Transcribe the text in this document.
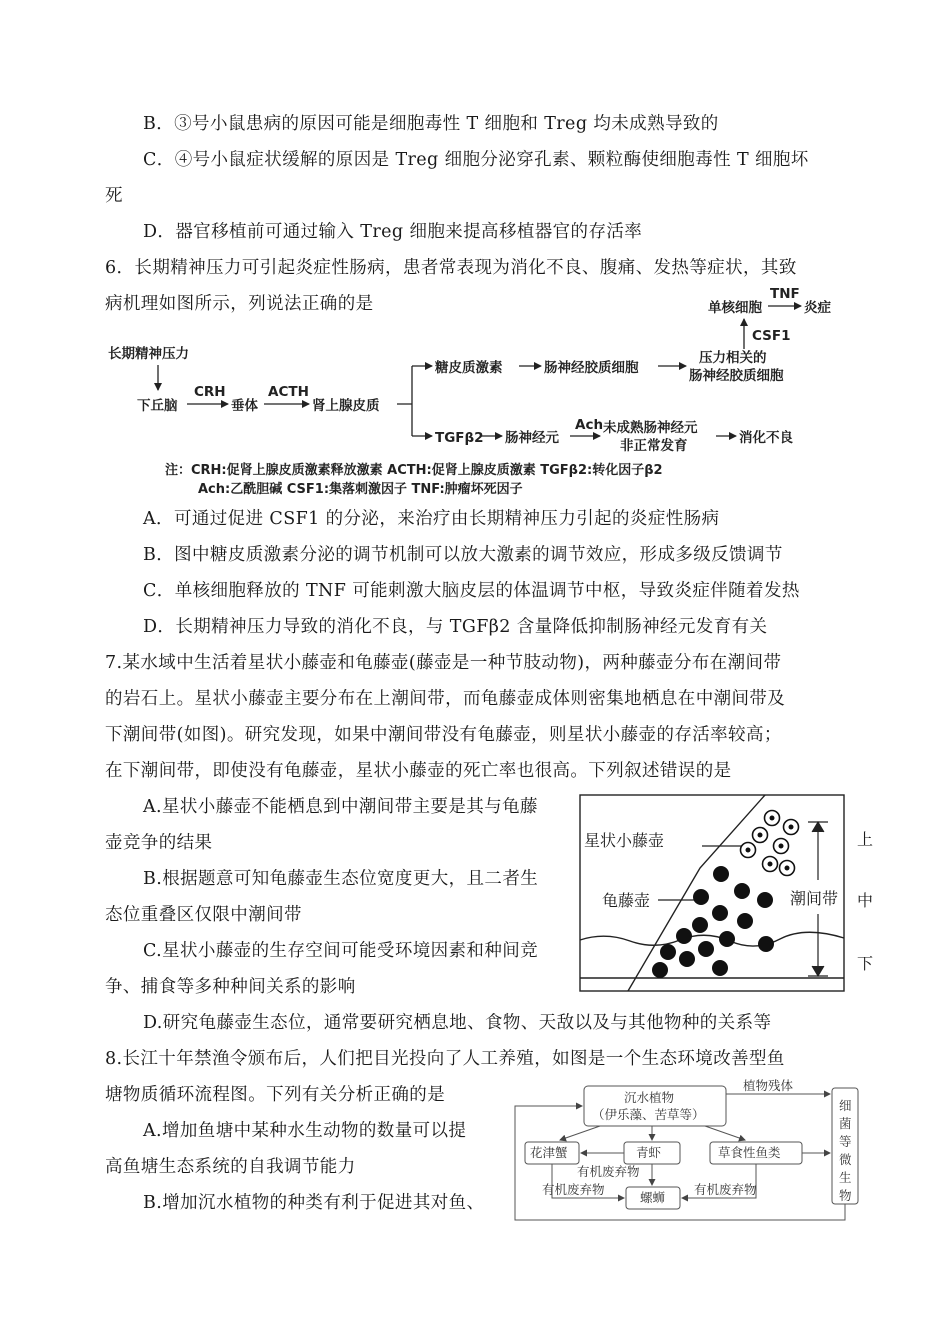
B．③号小鼠患病的原因可能是细胞毒性 T 细胞和 Treg 均未成熟导致的
C．④号小鼠症状缓解的原因是 Treg 细胞分泌穿孔素、颗粒酶使细胞毒性 T 细胞坏
死
D．器官移植前可通过输入 Treg 细胞来提高移植器官的存活率
6．长期精神压力可引起炎症性肠病，患者常表现为消化不良、腹痛、发热等症状，其致
病机理如图所示，列说法正确的是
长期精神压力
下丘脑
CRH
垂体
ACTH
肾上腺皮质
糖皮质激素	肠神经胶质细胞
压力相关的
肠神经胶质细胞
CSF1
单核细胞
TNF
炎症
TGFβ2 肠神经元
Ach 未成熟肠神经元
非正常发育	消化不良
注：CRH:促肾上腺皮质激素释放激素 ACTH:促肾上腺皮质激素 TGFβ2:转化因子β2
Ach:乙酰胆碱 CSF1:集落刺激因子 TNF:肿瘤坏死因子
A．可通过促进 CSF1 的分泌，来治疗由长期精神压力引起的炎症性肠病
B．图中糖皮质激素分泌的调节机制可以放大激素的调节效应，形成多级反馈调节
C．单核细胞释放的 TNF 可能刺激大脑皮层的体温调节中枢，导致炎症伴随着发热
D．长期精神压力导致的消化不良，与 TGFβ2 含量降低抑制肠神经元发育有关
7.某水域中生活着星状小藤壶和龟藤壶(藤壶是一种节肢动物)，两种藤壶分布在潮间带
的岩石上。星状小藤壶主要分布在上潮间带，而龟藤壶成体则密集地栖息在中潮间带及
下潮间带(如图)。研究发现，如果中潮间带没有龟藤壶，则星状小藤壶的存活率较高；
在下潮间带，即使没有龟藤壶，星状小藤壶的死亡率也很高。下列叙述错误的是
A.星状小藤壶不能栖息到中潮间带主要是其与龟藤
壶竞争的结果
B.根据题意可知龟藤壶生态位宽度更大，且二者生
态位重叠区仅限中潮间带
C.星状小藤壶的生存空间可能受环境因素和种间竞
争、捕食等多种种间关系的影响
D.研究龟藤壶生态位，通常要研究栖息地、食物、天敌以及与其他物种的关系等
星状小藤壶
龟藤壶	潮间带
上
中
下
8.长江十年禁渔令颁布后，人们把目光投向了人工养殖，如图是一个生态环境改善型鱼
塘物质循环流程图。下列有关分析正确的是
A.增加鱼塘中某种水生动物的数量可以提
高鱼塘生态系统的自我调节能力
B.增加沉水植物的种类有利于促进其对鱼、
沉水植物
（伊乐藻、苦草等）
植物残体
花津蟹	青虾	草食性鱼类
螺蛳
有机废弃物
有机废弃物	有机废弃物
细
菌
等
微
生
物
